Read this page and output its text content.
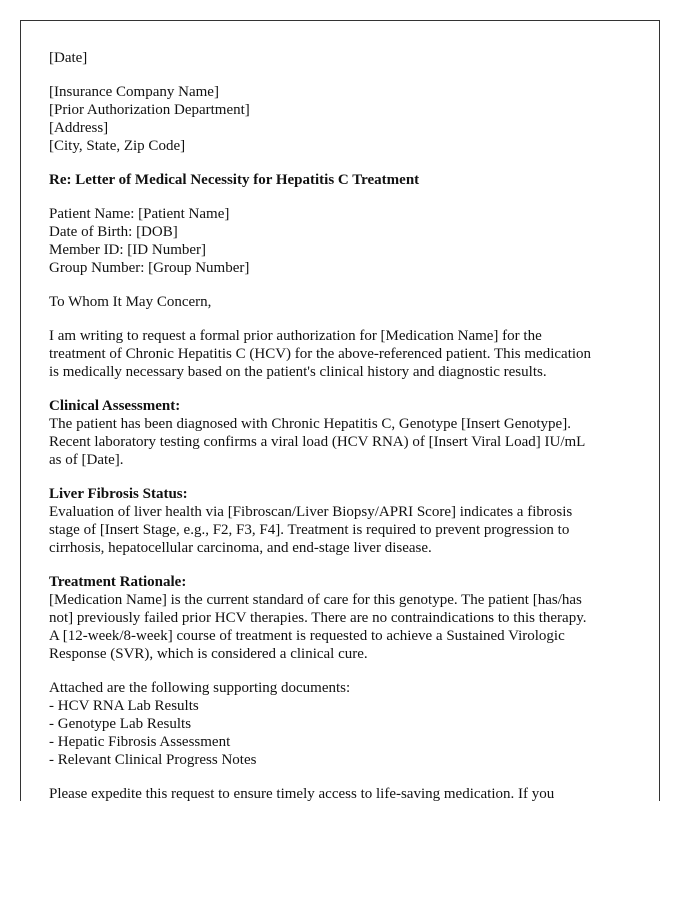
[Date]
[Insurance Company Name]
[Prior Authorization Department]
[Address]
[City, State, Zip Code]
Re: Letter of Medical Necessity for Hepatitis C Treatment
Patient Name: [Patient Name]
Date of Birth: [DOB]
Member ID: [ID Number]
Group Number: [Group Number]
To Whom It May Concern,
I am writing to request a formal prior authorization for [Medication Name] for the
treatment of Chronic Hepatitis C (HCV) for the above-referenced patient. This medication
is medically necessary based on the patient's clinical history and diagnostic results.
Clinical Assessment:
The patient has been diagnosed with Chronic Hepatitis C, Genotype [Insert Genotype].
Recent laboratory testing confirms a viral load (HCV RNA) of [Insert Viral Load] IU/mL
as of [Date].
Liver Fibrosis Status:
Evaluation of liver health via [Fibroscan/Liver Biopsy/APRI Score] indicates a fibrosis
stage of [Insert Stage, e.g., F2, F3, F4]. Treatment is required to prevent progression to
cirrhosis, hepatocellular carcinoma, and end-stage liver disease.
Treatment Rationale:
[Medication Name] is the current standard of care for this genotype. The patient [has/has
not] previously failed prior HCV therapies. There are no contraindications to this therapy.
A [12-week/8-week] course of treatment is requested to achieve a Sustained Virologic
Response (SVR), which is considered a clinical cure.
Attached are the following supporting documents:
- HCV RNA Lab Results
- Genotype Lab Results
- Hepatic Fibrosis Assessment
- Relevant Clinical Progress Notes
Please expedite this request to ensure timely access to life-saving medication. If you
